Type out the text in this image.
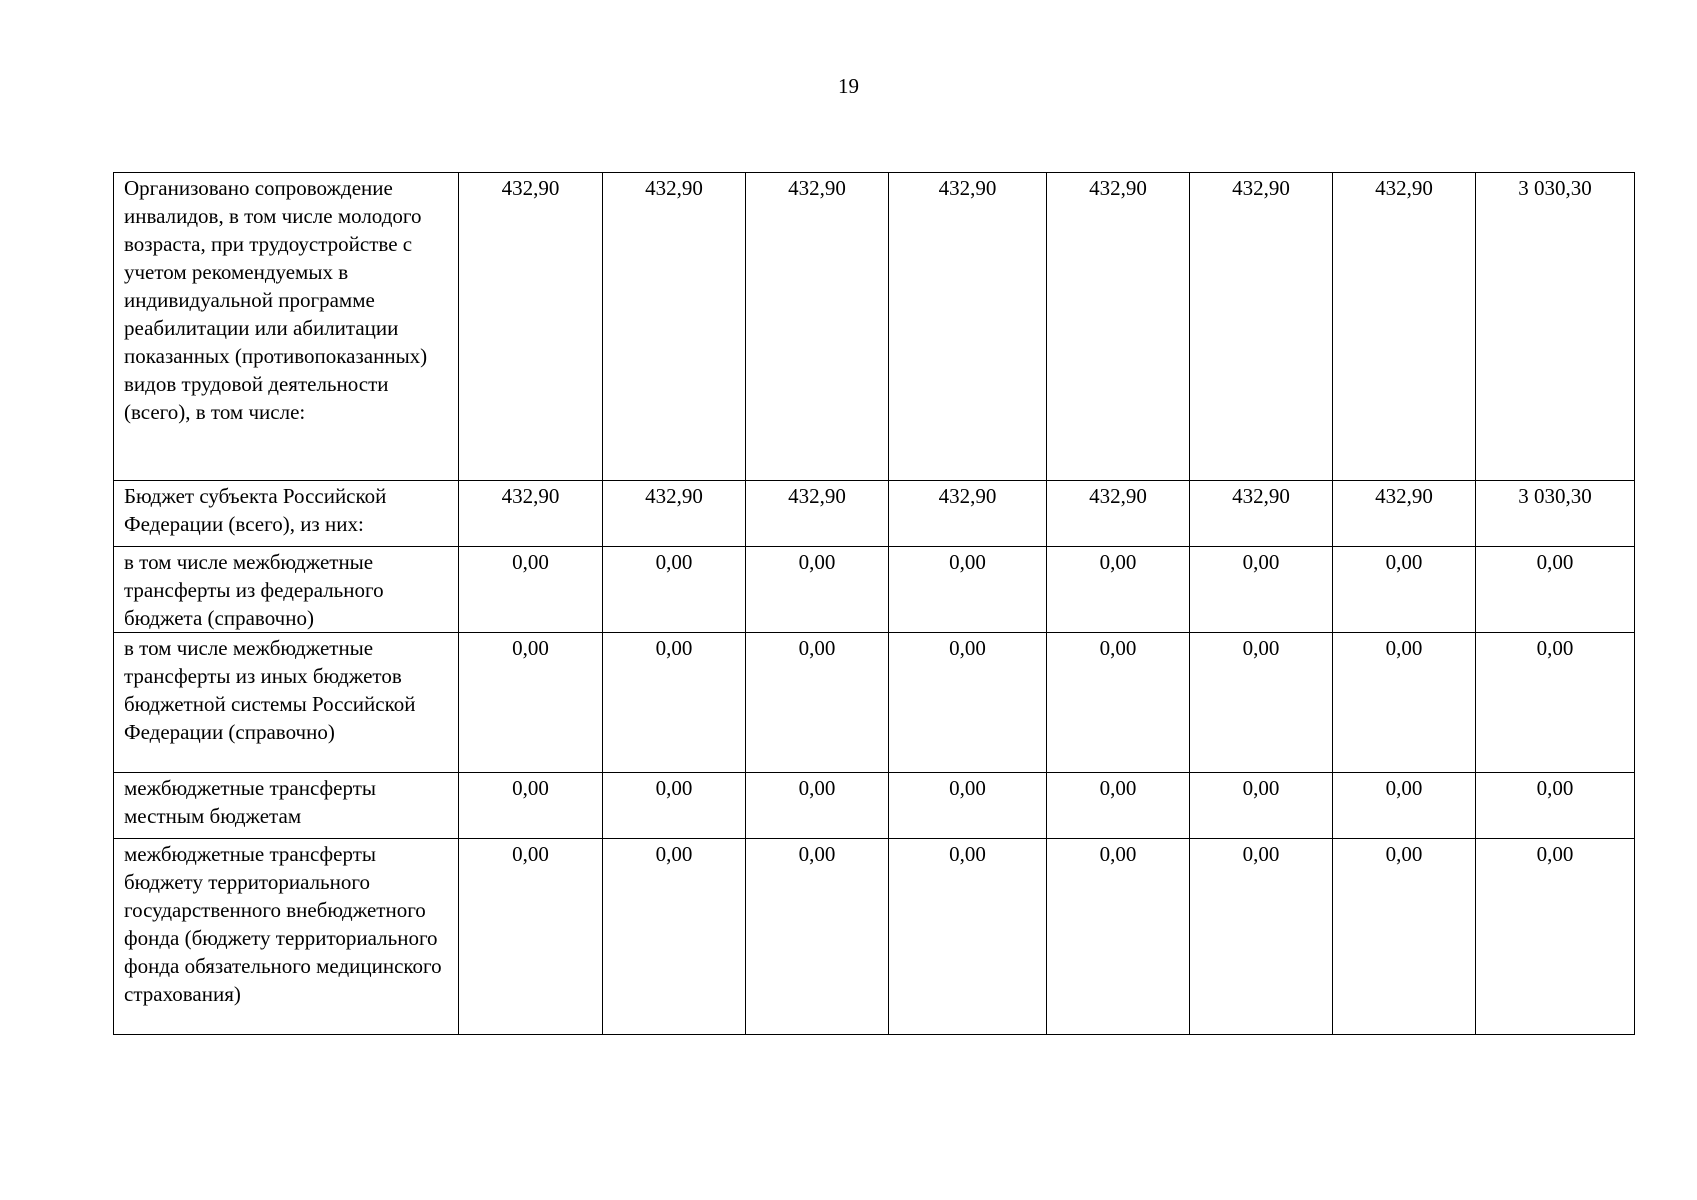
19
Организовано сопровождение инвалидов, в том числе молодого возраста, при трудоустройстве с учетом рекомендуемых в индивидуальной программе реабилитации или абилитации показанных (противопоказанных) видов трудовой деятельности (всего), в том числе:	432,90	432,90	432,90	432,90	432,90	432,90	432,90	3 030,30
Бюджет субъекта Российской Федерации (всего), из них:	432,90	432,90	432,90	432,90	432,90	432,90	432,90	3 030,30
в том числе межбюджетные трансферты из федерального бюджета (справочно)	0,00	0,00	0,00	0,00	0,00	0,00	0,00	0,00
в том числе межбюджетные трансферты из иных бюджетов бюджетной системы Российской Федерации (справочно)	0,00	0,00	0,00	0,00	0,00	0,00	0,00	0,00
межбюджетные трансферты местным бюджетам	0,00	0,00	0,00	0,00	0,00	0,00	0,00	0,00
межбюджетные трансферты бюджету территориального государственного внебюджетного фонда (бюджету территориального фонда обязательного медицинского страхования)	0,00	0,00	0,00	0,00	0,00	0,00	0,00	0,00
